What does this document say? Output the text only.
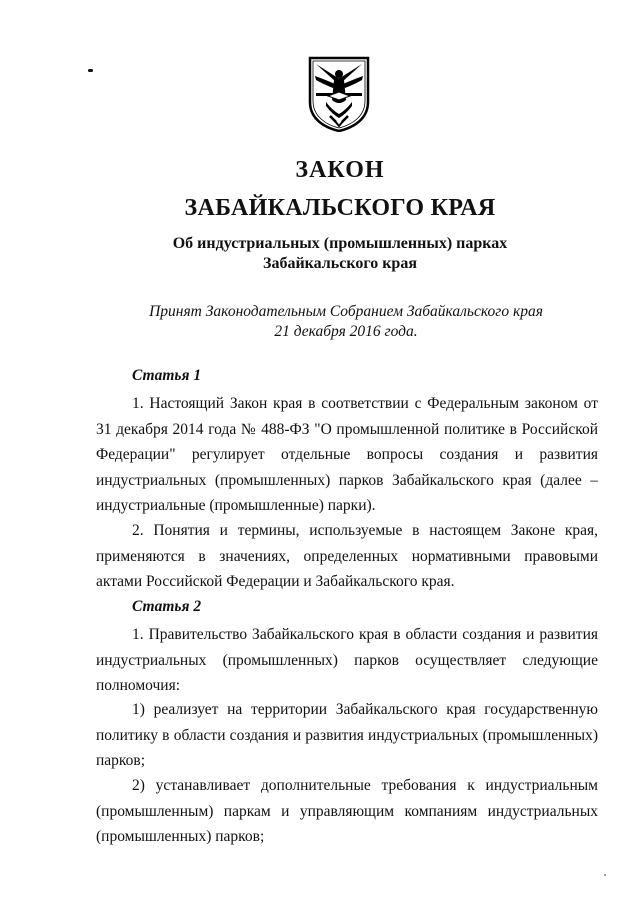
ЗАКОН
ЗАБАЙКАЛЬСКОГО КРАЯ
Об индустриальных (промышленных) парках
Забайкальского края
Принят Законодательным Собранием Забайкальского края
21 декабря 2016 года.
Статья 1

1. Настоящий Закон края в соответствии с Федеральным законом от 31 декабря 2014 года № 488-ФЗ "О промышленной политике в Российской Федерации" регулирует отдельные вопросы создания и развития индустриальных (промышленных) парков Забайкальского края (далее – индустриальные (промышленные) парки).

2. Понятия и термины, используемые в настоящем Законе края, применяются в значениях, определенных нормативными правовыми актами Российской Федерации и Забайкальского края.

Статья 2

1. Правительство Забайкальского края в области создания и развития индустриальных (промышленных) парков осуществляет следующие полномочия:

1) реализует на территории Забайкальского края государственную политику в области создания и развития индустриальных (промышленных) парков;

2) устанавливает дополнительные требования к индустриальным (промышленным) паркам и управляющим компаниям индустриальных (промышленных) парков;
